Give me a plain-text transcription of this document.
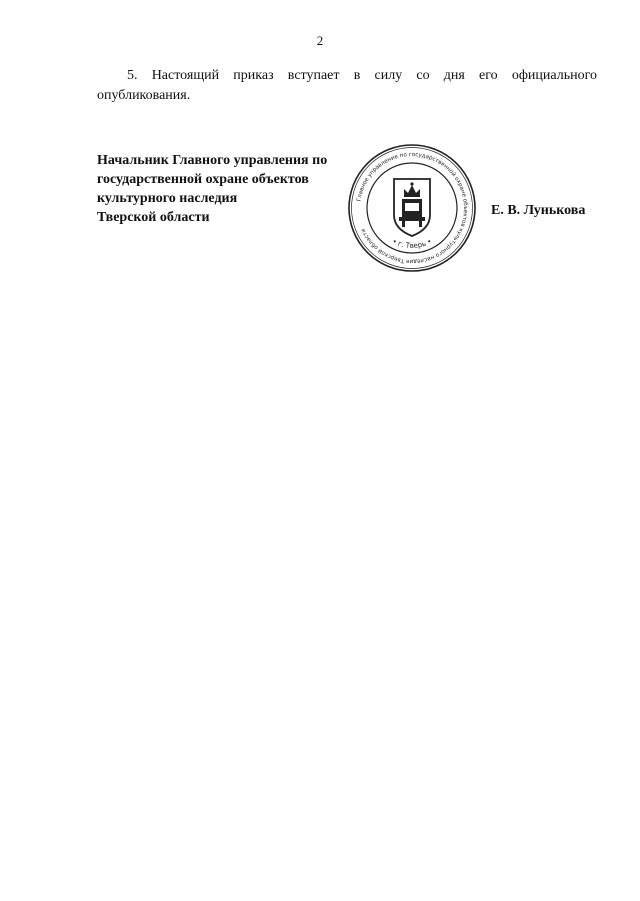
2
5. Настоящий приказ вступает в силу со дня его официального
опубликования.
Начальник Главного управления по
государственной охране объектов
культурного наследия
Тверской области
Главное управление по государственной охране объектов культурного наследия Тверской области
• г. Тверь •
Е. В. Лунькова
